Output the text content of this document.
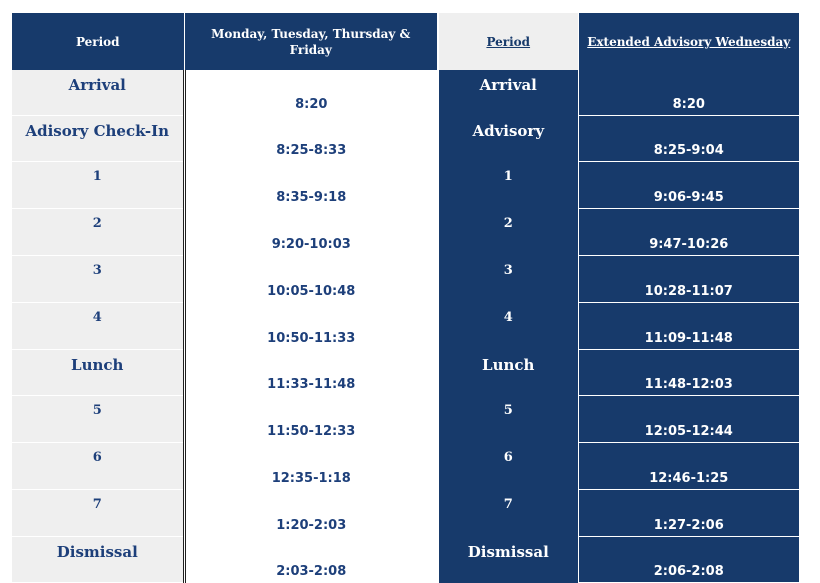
Period	Monday, Tuesday, Thursday & Friday	Period	Extended Advisory Wednesday
Arrival	8:20	Arrival	8:20
Adisory Check-In	8:25-8:33	Advisory	8:25-9:04
1	8:35-9:18	1	9:06-9:45
2	9:20-10:03	2	9:47-10:26
3	10:05-10:48	3	10:28-11:07
4	10:50-11:33	4	11:09-11:48
Lunch	11:33-11:48	Lunch	11:48-12:03
5	11:50-12:33	5	12:05-12:44
6	12:35-1:18	6	12:46-1:25
7	1:20-2:03	7	1:27-2:06
Dismissal	2:03-2:08	Dismissal	2:06-2:08
